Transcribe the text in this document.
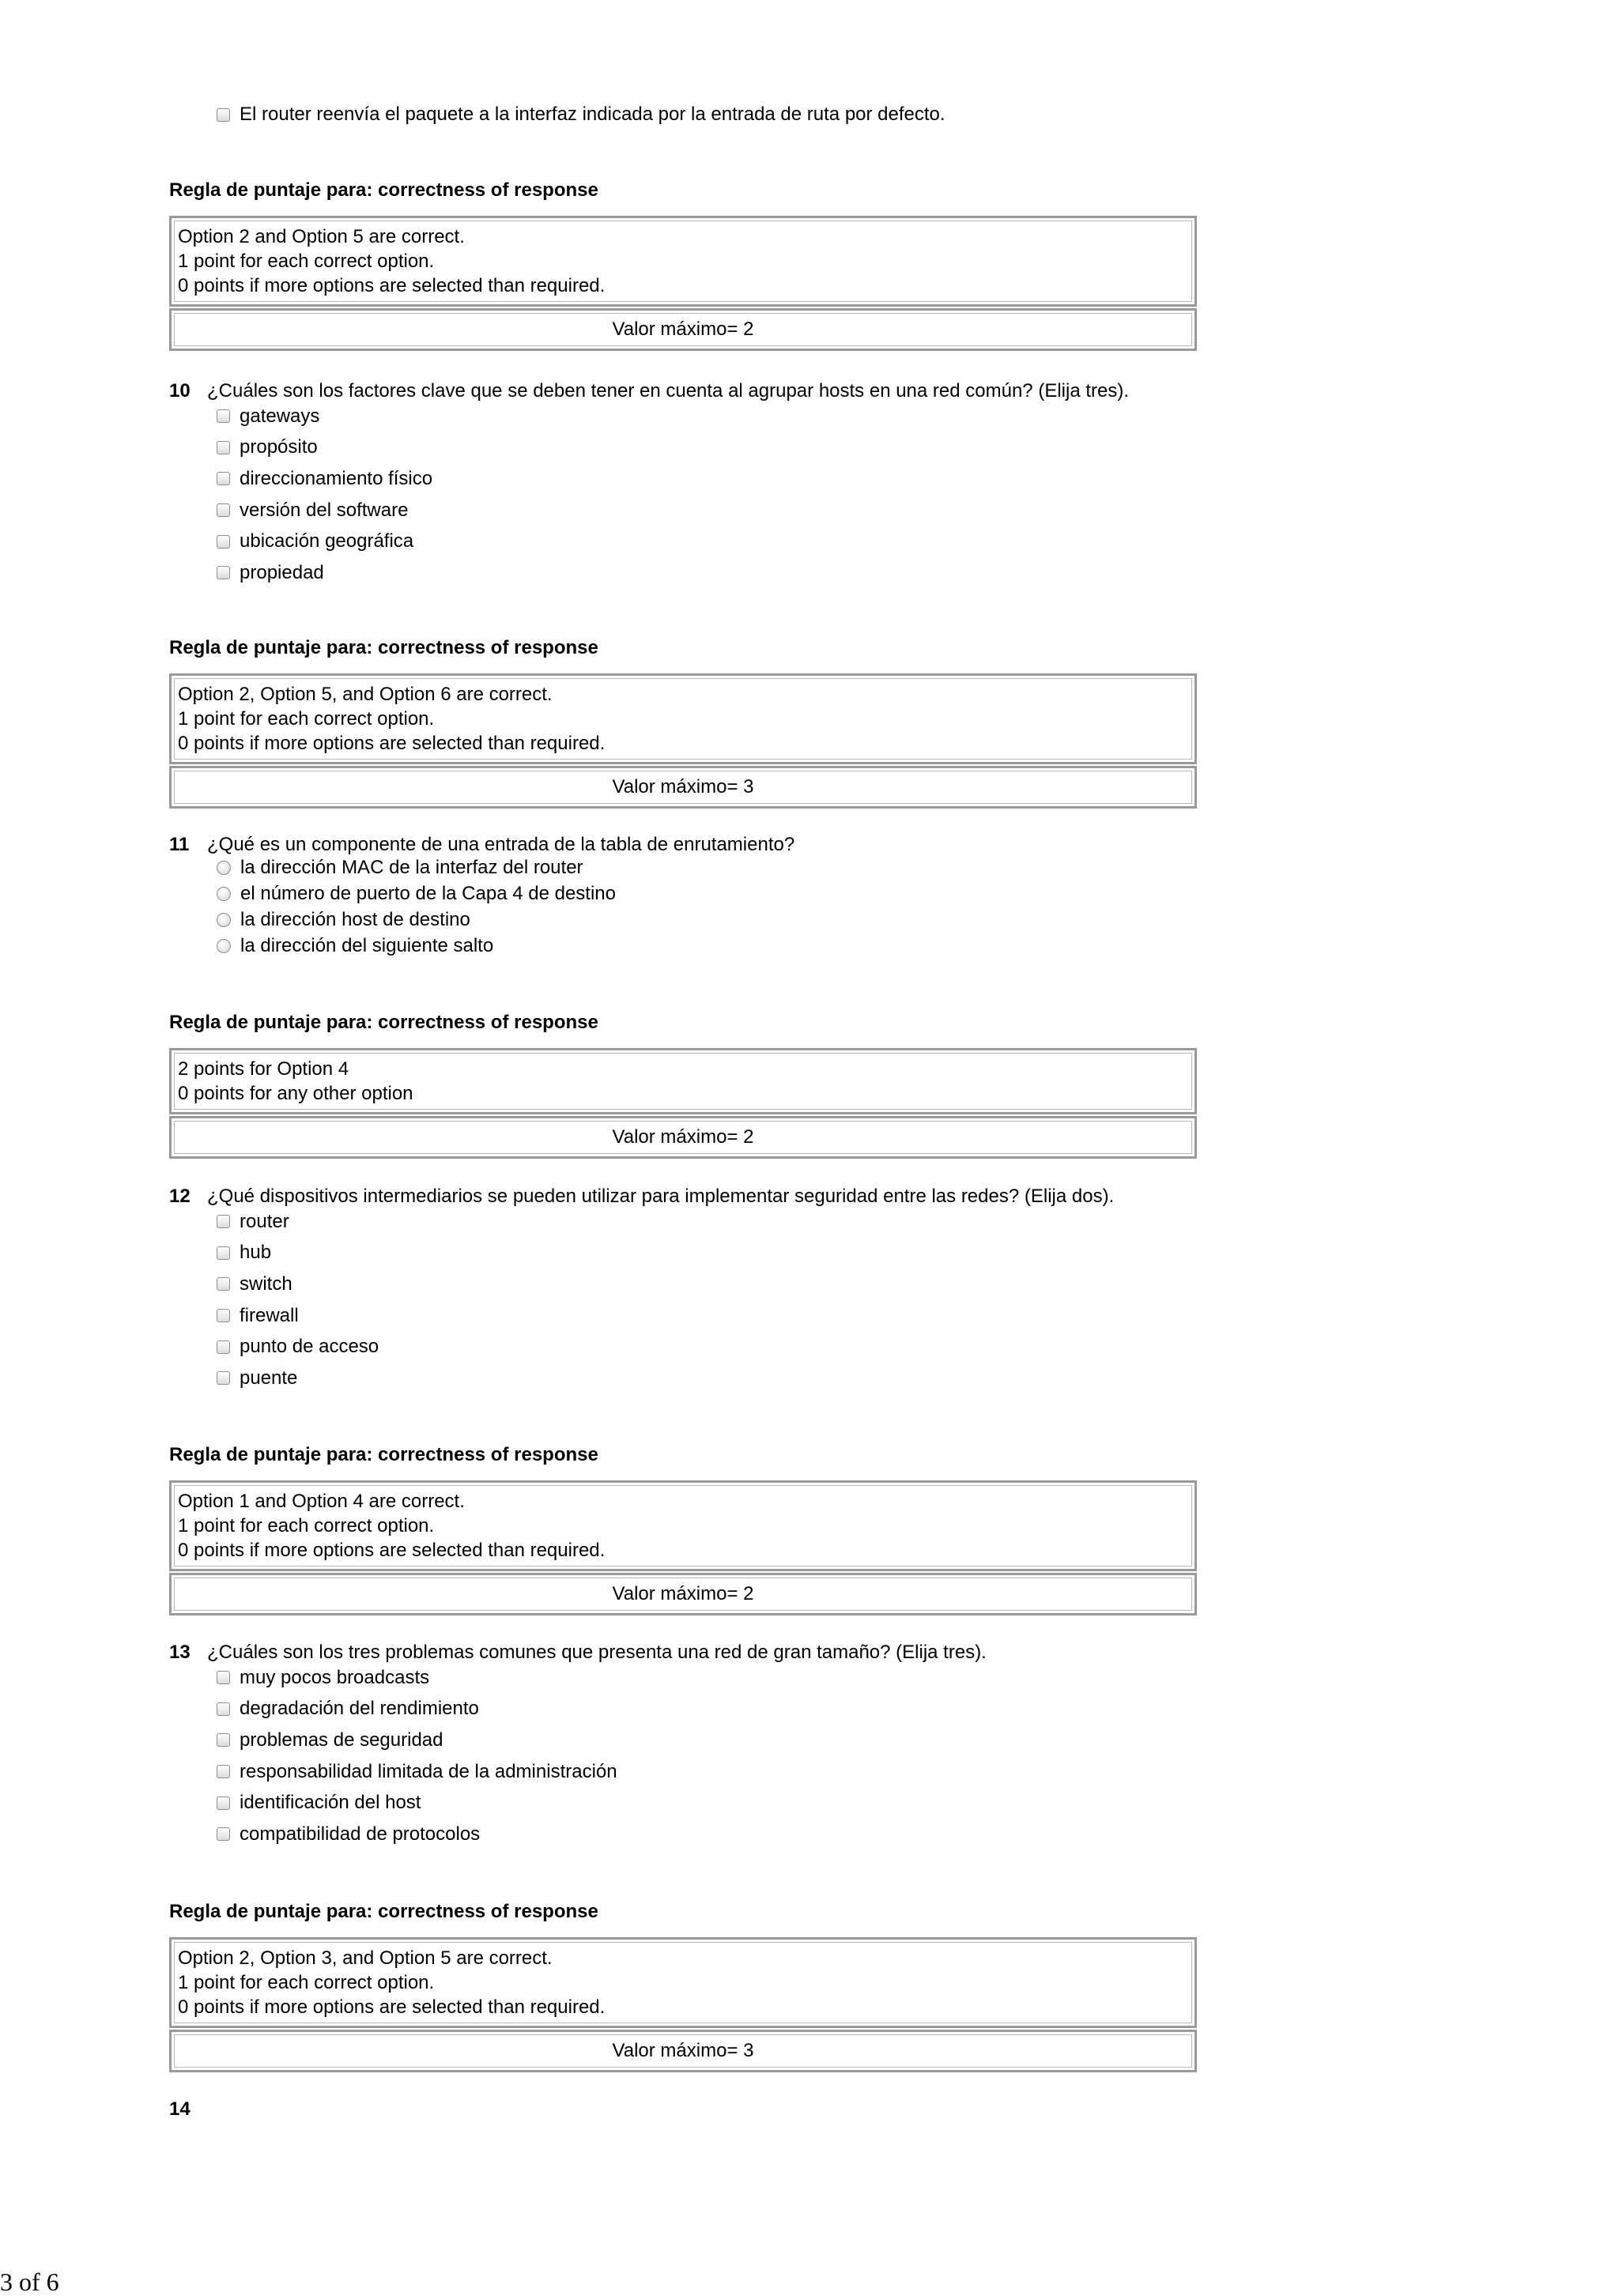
El router reenvía el paquete a la interfaz indicada por la entrada de ruta por defecto.
Regla de puntaje para: correctness of response
Option 2 and Option 5 are correct.
1 point for each correct option.
0 points if more options are selected than required.
Valor máximo= 2
10 ¿Cuáles son los factores clave que se deben tener en cuenta al agrupar hosts en una red común? (Elija tres).
gateways
propósito
direccionamiento físico
versión del software
ubicación geográfica
propiedad
Regla de puntaje para: correctness of response
Option 2, Option 5, and Option 6 are correct.
1 point for each correct option.
0 points if more options are selected than required.
Valor máximo= 3
11 ¿Qué es un componente de una entrada de la tabla de enrutamiento?
la dirección MAC de la interfaz del router
el número de puerto de la Capa 4 de destino
la dirección host de destino
la dirección del siguiente salto
Regla de puntaje para: correctness of response
2 points for Option 4
0 points for any other option
Valor máximo= 2
12 ¿Qué dispositivos intermediarios se pueden utilizar para implementar seguridad entre las redes? (Elija dos).
router
hub
switch
firewall
punto de acceso
puente
Regla de puntaje para: correctness of response
Option 1 and Option 4 are correct.
1 point for each correct option.
0 points if more options are selected than required.
Valor máximo= 2
13 ¿Cuáles son los tres problemas comunes que presenta una red de gran tamaño? (Elija tres).
muy pocos broadcasts
degradación del rendimiento
problemas de seguridad
responsabilidad limitada de la administración
identificación del host
compatibilidad de protocolos
Regla de puntaje para: correctness of response
Option 2, Option 3, and Option 5 are correct.
1 point for each correct option.
0 points if more options are selected than required.
Valor máximo= 3
14
3 of 6
